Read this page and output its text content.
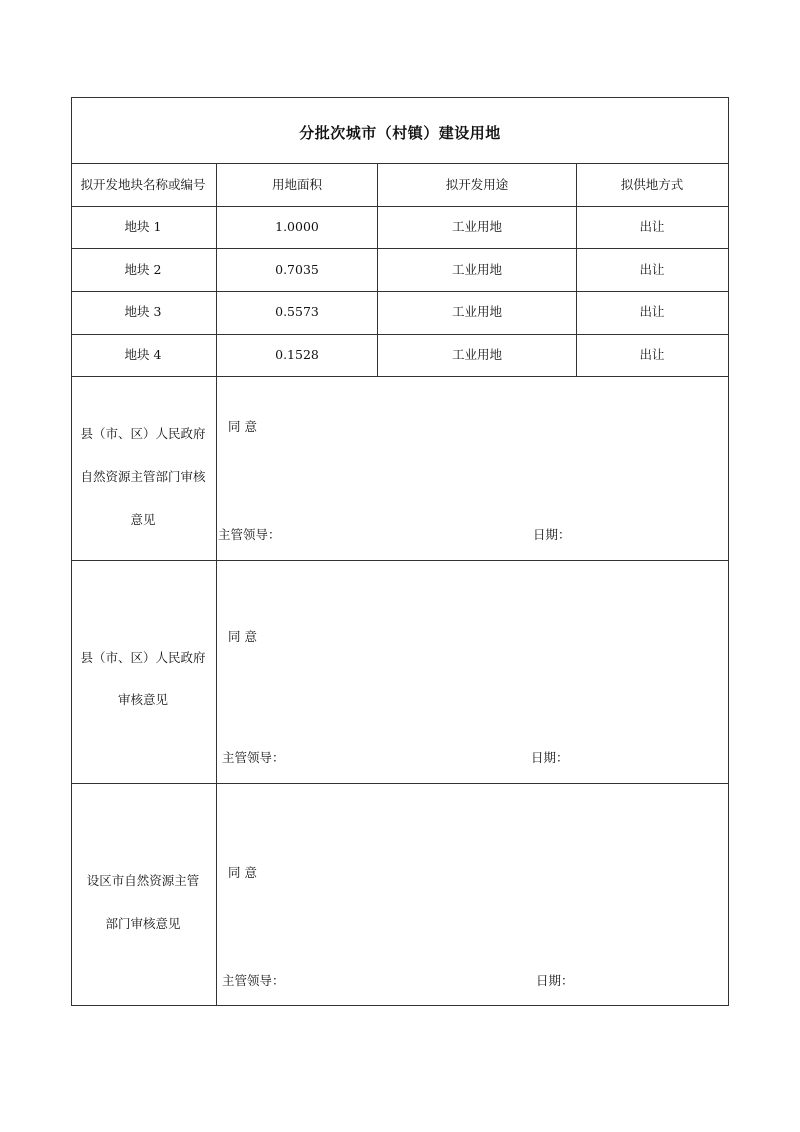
分批次城市（村镇）建设用地
拟开发地块名称或编号	用地面积	拟开发用途	拟供地方式
地块 1	1.0000	工业用地	出让
地块 2	0.7035	工业用地	出让
地块 3	0.5573	工业用地	出让
地块 4	0.1528	工业用地	出让
县（市、区）人民政府
自然资源主管部门审核
意见
同 意
主管领导：	日期：
县（市、区）人民政府
审核意见
同 意
主管领导：	日期：
设区市自然资源主管
部门审核意见
同 意
主管领导：	日期：
